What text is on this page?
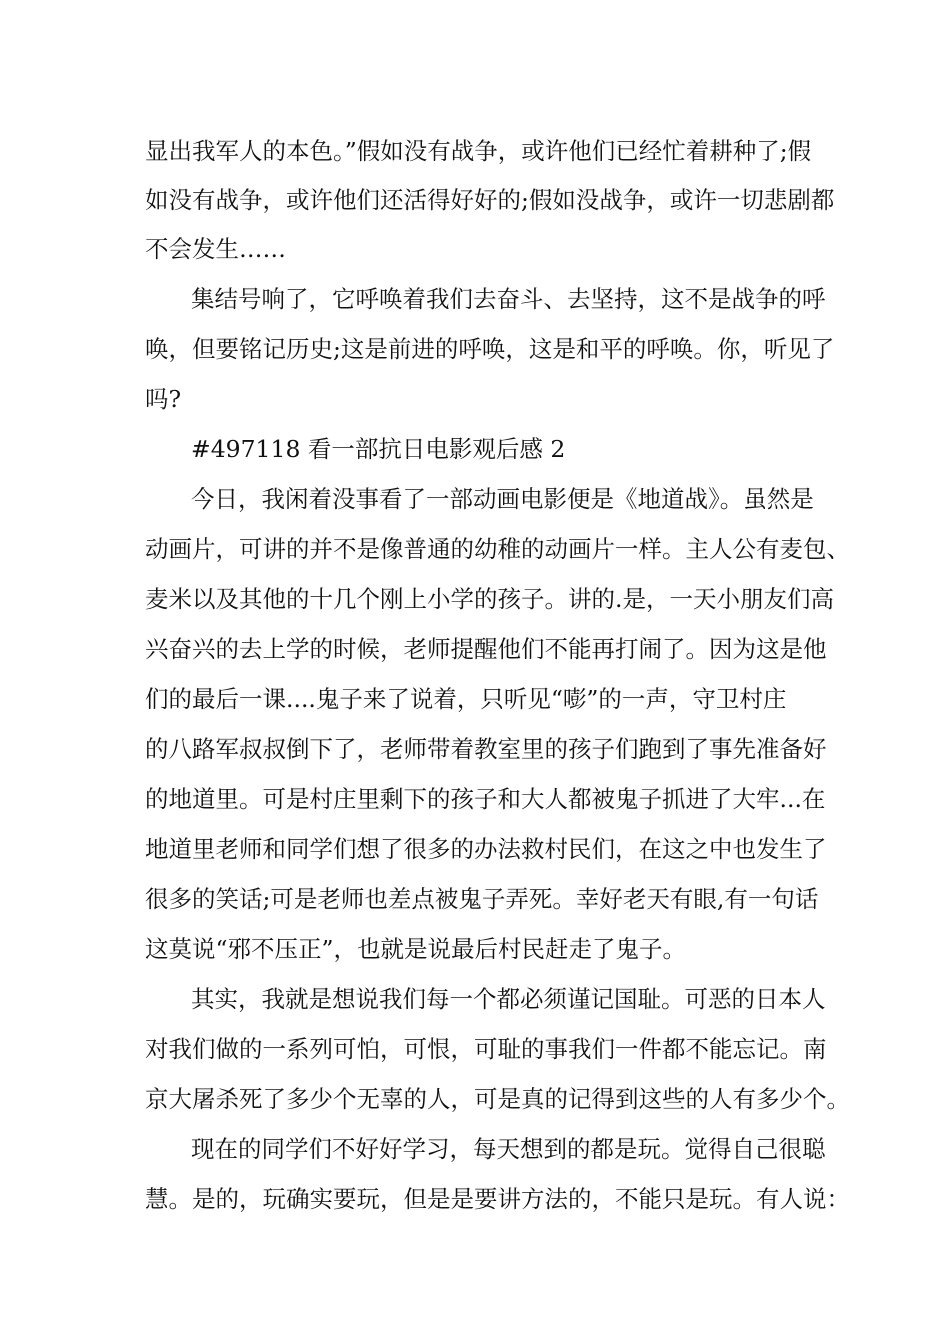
显出我军人的本色。”假如没有战争，或许他们已经忙着耕种了;假
如没有战争，或许他们还活得好好的;假如没战争，或许一切悲剧都
不会发生……
集结号响了，它呼唤着我们去奋斗、去坚持，这不是战争的呼
唤，但要铭记历史;这是前进的呼唤，这是和平的呼唤。你，听见了
吗?
#497118 看一部抗日电影观后感 2
今日，我闲着没事看了一部动画电影便是《地道战》。虽然是
动画片，可讲的并不是像普通的幼稚的动画片一样。主人公有麦包、
麦米以及其他的十几个刚上小学的孩子。讲的.是，一天小朋友们高
兴奋兴的去上学的时候，老师提醒他们不能再打闹了。因为这是他
们的最后一课....鬼子来了说着，只听见“嘭”的一声，守卫村庄
的八路军叔叔倒下了，老师带着教室里的孩子们跑到了事先准备好
的地道里。可是村庄里剩下的孩子和大人都被鬼子抓进了大牢...在
地道里老师和同学们想了很多的办法救村民们，在这之中也发生了
很多的笑话;可是老师也差点被鬼子弄死。幸好老天有眼,有一句话
这莫说“邪不压正”，也就是说最后村民赶走了鬼子。
其实，我就是想说我们每一个都必须谨记国耻。可恶的日本人
对我们做的一系列可怕，可恨，可耻的事我们一件都不能忘记。南
京大屠杀死了多少个无辜的人，可是真的记得到这些的人有多少个。
现在的同学们不好好学习，每天想到的都是玩。觉得自己很聪
慧。是的，玩确实要玩，但是是要讲方法的，不能只是玩。有人说：
